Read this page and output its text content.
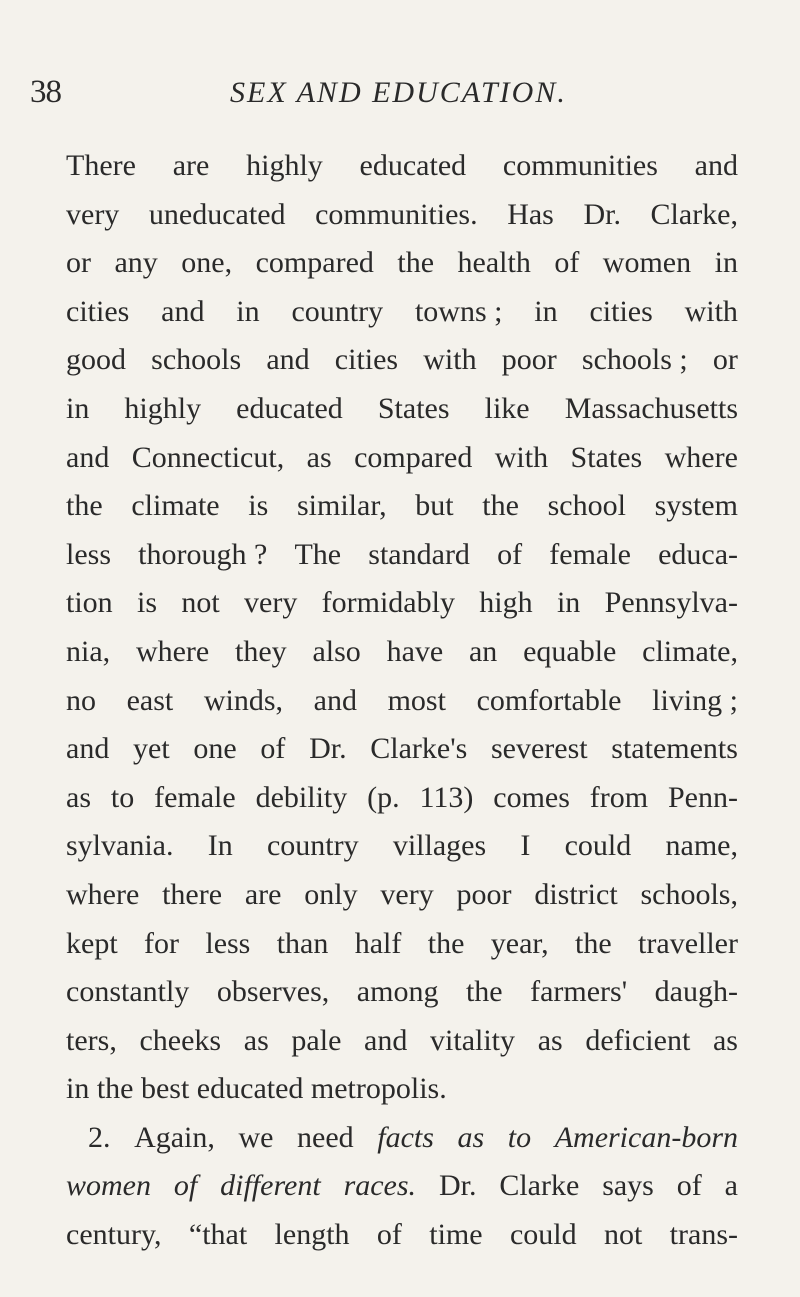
38	SEX AND EDUCATION.
There are highly educated communities and
very uneducated communities. Has Dr. Clarke,
or any one, compared the health of women in
cities and in country towns ; in cities with
good schools and cities with poor schools ; or
in highly educated States like Massachusetts
and Connecticut, as compared with States where
the climate is similar, but the school system
less thorough ? The standard of female educa-
tion is not very formidably high in Pennsylva-
nia, where they also have an equable climate,
no east winds, and most comfortable living ;
and yet one of Dr. Clarke's severest statements
as to female debility (p. 113) comes from Penn-
sylvania. In country villages I could name,
where there are only very poor district schools,
kept for less than half the year, the traveller
constantly observes, among the farmers' daugh-
ters, cheeks as pale and vitality as deficient as
in the best educated metropolis.
2. Again, we need facts as to American-born
women of different races. Dr. Clarke says of a
century, “that length of time could not trans-
